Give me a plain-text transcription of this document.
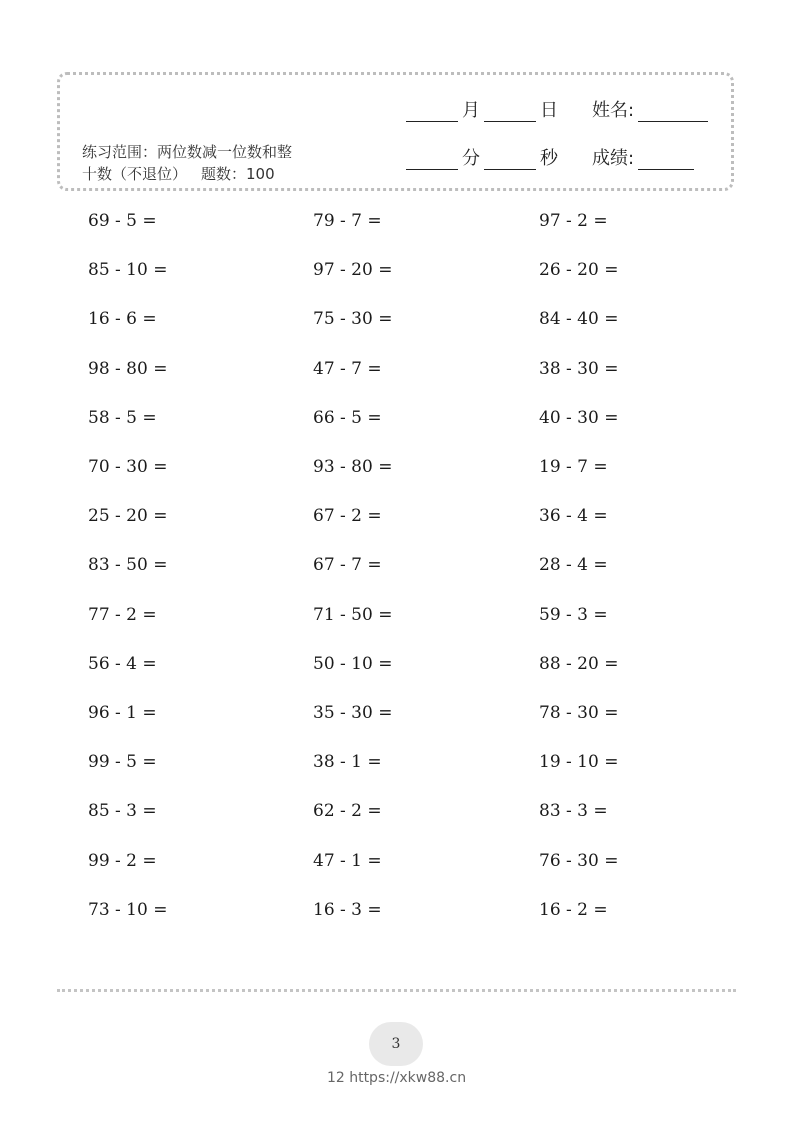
月	日 姓名:
分	秒 成绩:
练习范围：两位数减一位数和整
十数（不退位） 题数：100
69 - 5 =	79 - 7 =	97 - 2 =
85 - 10 =	97 - 20 =	26 - 20 =
16 - 6 =	75 - 30 =	84 - 40 =
98 - 80 =	47 - 7 =	38 - 30 =
58 - 5 =	66 - 5 =	40 - 30 =
70 - 30 =	93 - 80 =	19 - 7 =
25 - 20 =	67 - 2 =	36 - 4 =
83 - 50 =	67 - 7 =	28 - 4 =
77 - 2 =	71 - 50 =	59 - 3 =
56 - 4 =	50 - 10 =	88 - 20 =
96 - 1 =	35 - 30 =	78 - 30 =
99 - 5 =	38 - 1 =	19 - 10 =
85 - 3 =	62 - 2 =	83 - 3 =
99 - 2 =	47 - 1 =	76 - 30 =
73 - 10 =	16 - 3 =	16 - 2 =
3
12 https://xkw88.cn
